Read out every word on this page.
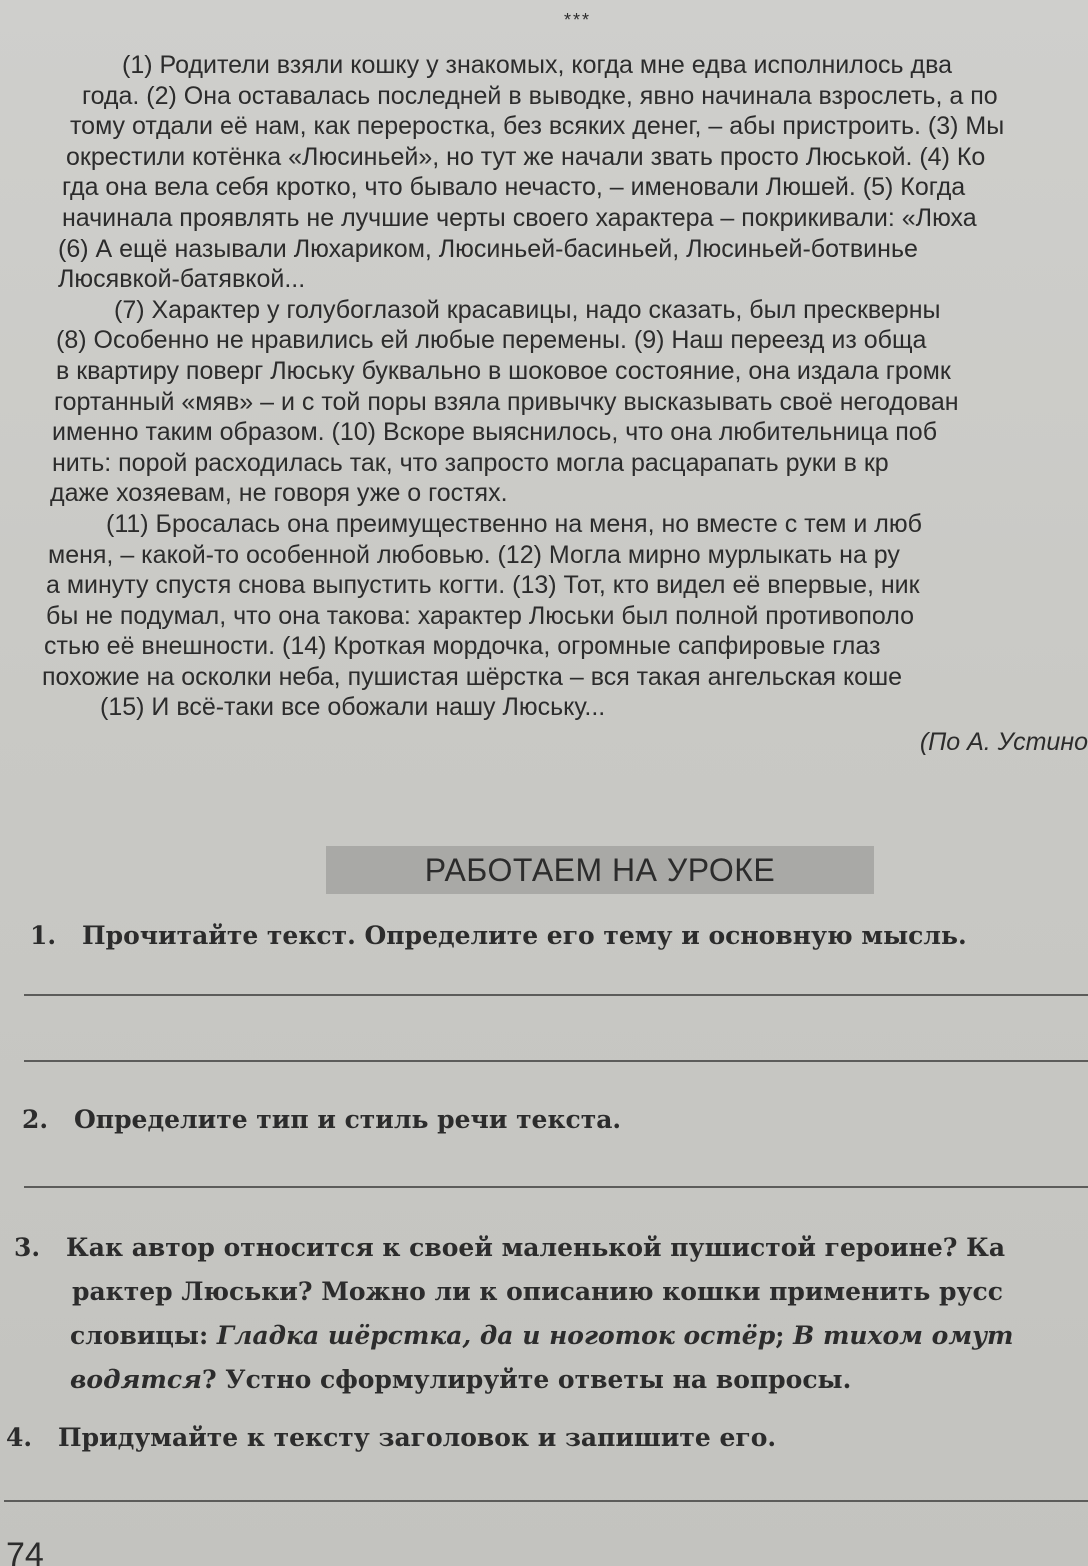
***
(1) Родители взяли кошку у знакомых, когда мне едва исполнилось два
года. (2) Она оставалась последней в выводке, явно начинала взрослеть, а по
тому отдали её нам, как переростка, без всяких денег, – абы пристроить. (3) Мы
окрестили котёнка «Люсиньей», но тут же начали звать просто Люськой. (4) Ко
гда она вела себя кротко, что бывало нечасто, – именовали Люшей. (5) Когда
начинала проявлять не лучшие черты своего характера – покрикивали: «Люха
(6) А ещё называли Люхариком, Люсиньей-басиньей, Люсиньей-ботвинье
Люсявкой-батявкой...
(7) Характер у голубоглазой красавицы, надо сказать, был прескверны
(8) Особенно не нравились ей любые перемены. (9) Наш переезд из обща
в квартиру поверг Люську буквально в шоковое состояние, она издала громк
гортанный «мяв» – и с той поры взяла привычку высказывать своё негодован
именно таким образом. (10) Вскоре выяснилось, что она любительница поб
нить: порой расходилась так, что запросто могла расцарапать руки в кр
даже хозяевам, не говоря уже о гостях.
(11) Бросалась она преимущественно на меня, но вместе с тем и люб
меня, – какой-то особенной любовью. (12) Могла мирно мурлыкать на ру
а минуту спустя снова выпустить когти. (13) Тот, кто видел её впервые, ник
бы не подумал, что она такова: характер Люськи был полной противополо
стью её внешности. (14) Кроткая мордочка, огромные сапфировые глаз
похожие на осколки неба, пушистая шёрстка – вся такая ангельская коше
(15) И всё-таки все обожали нашу Люську...
(По А. Устино
РАБОТАЕМ НА УРОКЕ
1. Прочитайте текст. Определите его тему и основную мысль.
2. Определите тип и стиль речи текста.
3. Как автор относится к своей маленькой пушистой героине? Ка
рактер Люськи? Можно ли к описанию кошки применить русс
словицы: Гладка шёрстка, да и ноготок остёр; В тихом омут
водятся? Устно сформулируйте ответы на вопросы.
4. Придумайте к тексту заголовок и запишите его.
74
